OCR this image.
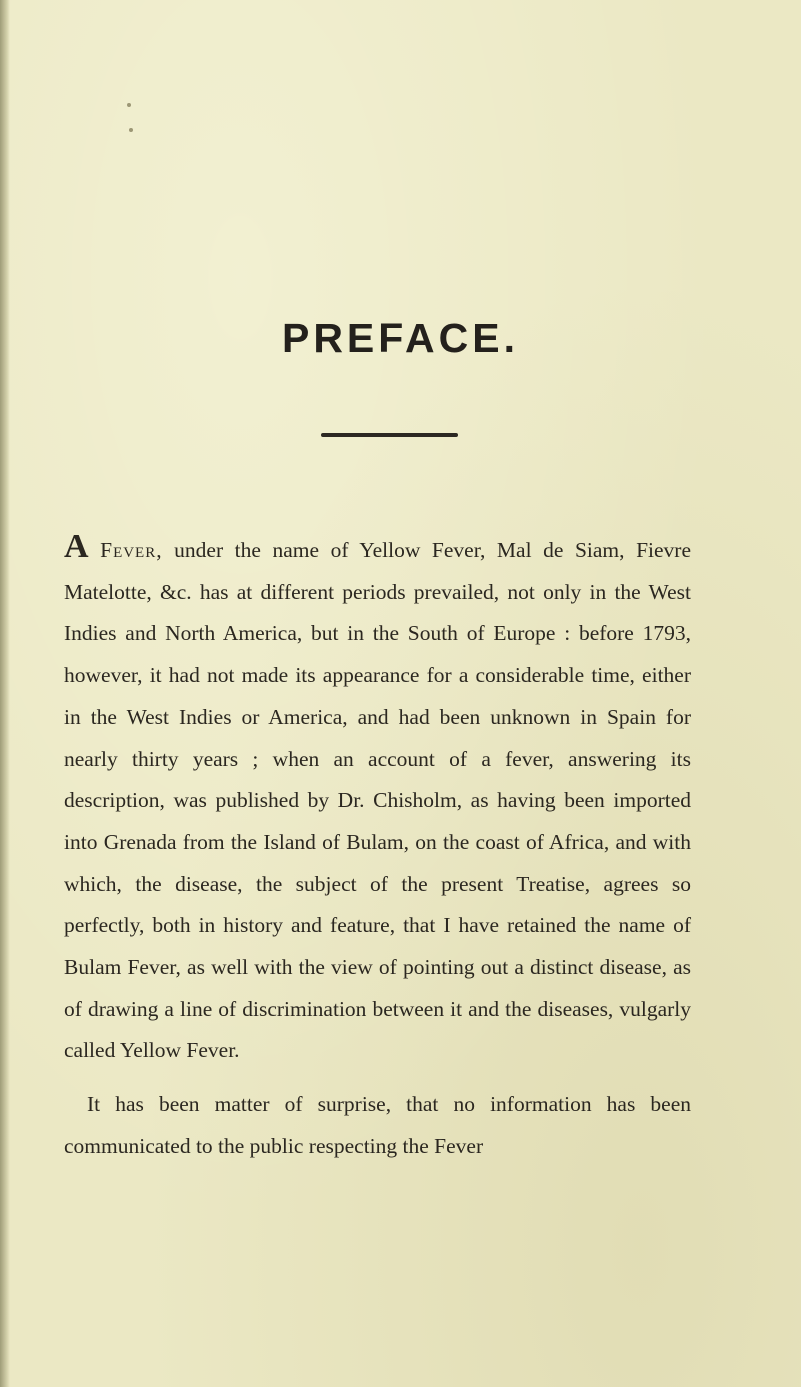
PREFACE.

A Fever, under the name of Yellow Fever, Mal de Siam, Fievre Matelotte, &c. has at different periods prevailed, not only in the West Indies and North America, but in the South of Europe : before 1793, however, it had not made its appearance for a considerable time, either in the West Indies or America, and had been unknown in Spain for nearly thirty years ; when an account of a fever, answering its description, was published by Dr. Chisholm, as having been imported into Grenada from the Island of Bulam, on the coast of Africa, and with which, the disease, the subject of the present Treatise, agrees so perfectly, both in history and feature, that I have retained the name of Bulam Fever, as well with the view of pointing out a distinct disease, as of drawing a line of discrimination between it and the diseases, vulgarly called Yellow Fever.

It has been matter of surprise, that no information has been communicated to the public respecting the Fever
